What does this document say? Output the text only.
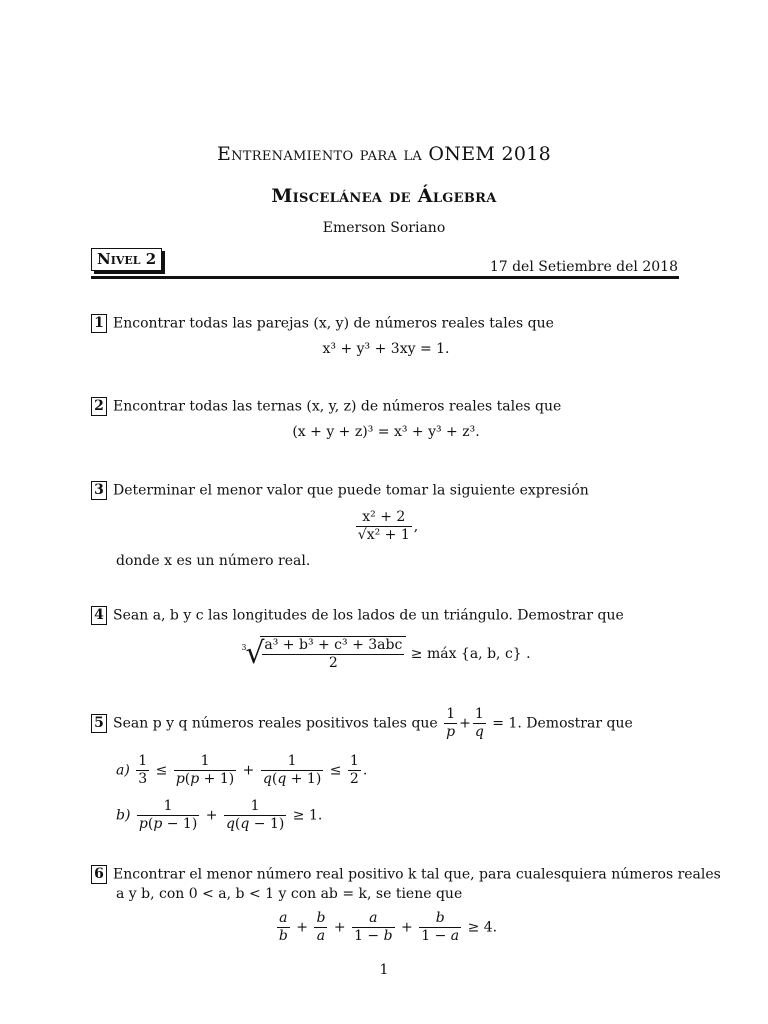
Entrenamiento para la ONEM 2018
Miscelánea de Álgebra
Emerson Soriano
Nivel 2	17 del Setiembre del 2018
1 Encontrar todas las parejas (x, y) de números reales tales que
x³ + y³ + 3xy = 1.
2 Encontrar todas las ternas (x, y, z) de números reales tales que
(x + y + z)³ = x³ + y³ + z³.
3 Determinar el menor valor que puede tomar la siguiente expresión
$\frac{\text{x² + 2}}{\text{√x² + 1}}$ ,
donde x es un número real.
4 Sean a, b y c las longitudes de los lados de un triángulo. Demostrar que
3
√
$\frac{\text{a³ + b³ + c³ + 3abc}}{2}$ ≥ máx {a, b, c} .
5 Sean p y q números reales positivos tales que $\frac{1}{p} + \frac{1}{q} = 1$. Demostrar que
$a) \frac{1}{3} \le \frac{1}{p(p + 1)} + \frac{1}{q(q + 1)} \le \frac{1}{2}$ .
$b) \frac{1}{p(p - 1)} + \frac{1}{q(q - 1)} \ge 1$.
6 Encontrar el menor número real positivo k tal que, para cualesquiera números reales
a y b, con 0 < a, b < 1 y con ab = k, se tiene que
$\frac{a}{b} + \frac{b}{a} + \frac{a}{1 - b} + \frac{b}{1 - a} \ge 4$.
1
